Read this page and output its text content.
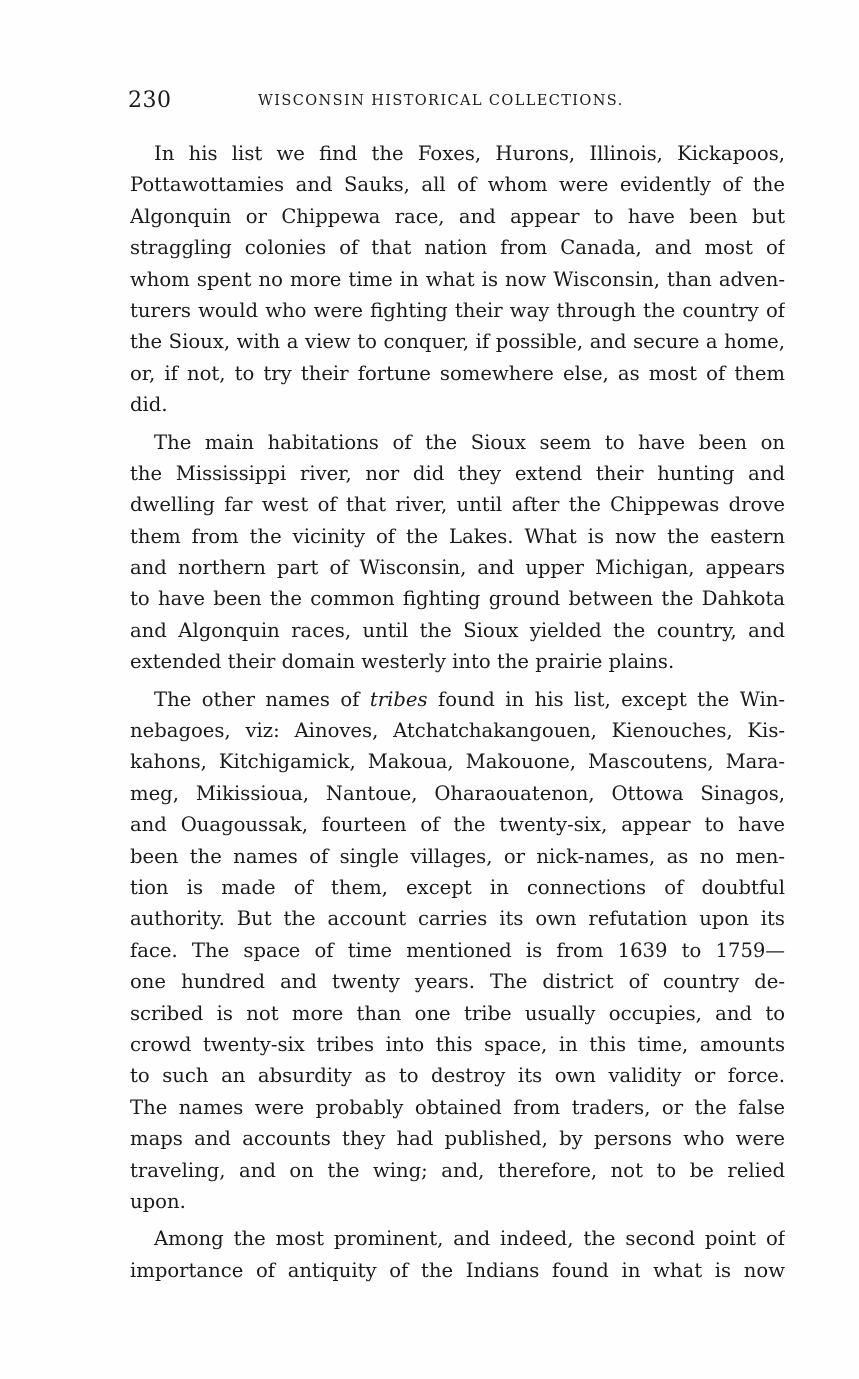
230	WISCONSIN HISTORICAL COLLECTIONS.
In his list we find the Foxes, Hurons, Illinois, Kickapoos,
Pottawottamies and Sauks, all of whom were evidently of the
Algonquin or Chippewa race, and appear to have been but
straggling colonies of that nation from Canada, and most of
whom spent no more time in what is now Wisconsin, than adven-
turers would who were fighting their way through the country of
the Sioux, with a view to conquer, if possible, and secure a home,
or, if not, to try their fortune somewhere else, as most of them
did.
The main habitations of the Sioux seem to have been on
the Mississippi river, nor did they extend their hunting and
dwelling far west of that river, until after the Chippewas drove
them from the vicinity of the Lakes. What is now the eastern
and northern part of Wisconsin, and upper Michigan, appears
to have been the common fighting ground between the Dahkota
and Algonquin races, until the Sioux yielded the country, and
extended their domain westerly into the prairie plains.
The other names of tribes found in his list, except the Win-
nebagoes, viz: Ainoves, Atchatchakangouen, Kienouches, Kis-
kahons, Kitchigamick, Makoua, Makouone, Mascoutens, Mara-
meg, Mikissioua, Nantoue, Oharaouatenon, Ottowa Sinagos,
and Ouagoussak, fourteen of the twenty-six, appear to have
been the names of single villages, or nick-names, as no men-
tion is made of them, except in connections of doubtful
authority. But the account carries its own refutation upon its
face. The space of time mentioned is from 1639 to 1759—
one hundred and twenty years. The district of country de-
scribed is not more than one tribe usually occupies, and to
crowd twenty-six tribes into this space, in this time, amounts
to such an absurdity as to destroy its own validity or force.
The names were probably obtained from traders, or the false
maps and accounts they had published, by persons who were
traveling, and on the wing; and, therefore, not to be relied
upon.
Among the most prominent, and indeed, the second point of
importance of antiquity of the Indians found in what is now
